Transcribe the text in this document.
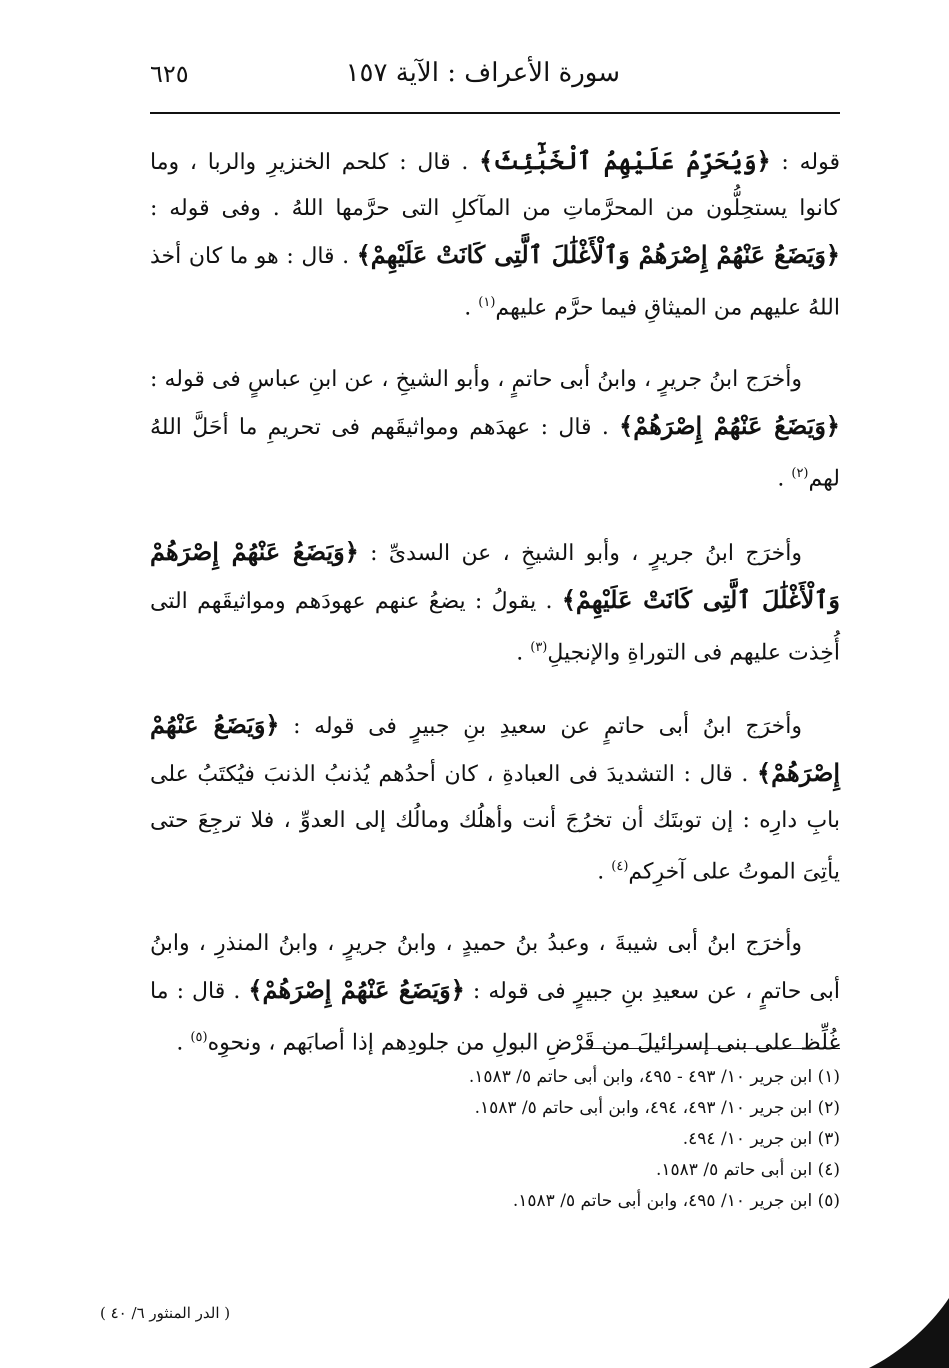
سورة الأعراف : الآية ١٥٧
٦٢٥

قوله : ﴿وَيُحَرِّمُ عَلَيْهِمُ ٱلْخَبَٰٓئِثَ﴾ . قال : كلحم الخنزيرِ والربا ، وما كانوا يستحِلُّون من المحرَّماتِ من المآكلِ التى حرَّمها اللهُ . وفى قوله : ﴿وَيَضَعُ عَنْهُمْ إِصْرَهُمْ وَٱلْأَغْلَٰلَ ٱلَّتِى كَانَتْ عَلَيْهِمْ﴾ . قال : هو ما كان أخذ اللهُ عليهم من الميثاقِ فيما حرَّم عليهم$^{(١)}$ .

وأخرَج ابنُ جريرٍ ، وابنُ أبى حاتمٍ ، وأبو الشيخِ ، عن ابنِ عباسٍ فى قوله : ﴿وَيَضَعُ عَنْهُمْ إِصْرَهُمْ﴾ . قال : عهدَهم ومواثيقَهم فى تحريمِ ما أحَلَّ اللهُ لهم$^{(٢)}$ .

وأخرَج ابنُ جريرٍ ، وأبو الشيخِ ، عن السدىِّ : ﴿وَيَضَعُ عَنْهُمْ إِصْرَهُمْ وَٱلْأَغْلَٰلَ ٱلَّتِى كَانَتْ عَلَيْهِمْ﴾ . يقولُ : يضعُ عنهم عهودَهم ومواثيقَهم التى أُخِذت عليهم فى التوراةِ والإنجيلِ$^{(٣)}$ .

وأخرَج ابنُ أبى حاتمٍ عن سعيدِ بنِ جبيرٍ فى قوله : ﴿وَيَضَعُ عَنْهُمْ إِصْرَهُمْ﴾ . قال : التشديدَ فى العبادةِ ، كان أحدُهم يُذنبُ الذنبَ فيُكتَبُ على بابِ دارِه : إن توبتَك أن تخرُجَ أنت وأهلُك ومالُك إلى العدوِّ ، فلا ترجِعَ حتى يأتِىَ الموتُ على آخرِكم$^{(٤)}$ .

وأخرَج ابنُ أبى شيبةَ ، وعبدُ بنُ حميدٍ ، وابنُ جريرٍ ، وابنُ المنذرِ ، وابنُ أبى حاتمٍ ، عن سعيدِ بنِ جبيرٍ فى قوله : ﴿وَيَضَعُ عَنْهُمْ إِصْرَهُمْ﴾ . قال : ما غُلِّظ على بنى إسرائيلَ من قَرْضِ البولِ من جلودِهم إذا أصابَهم ، ونحوِه$^{(٥)}$ .

(١) ابن جرير ١٠/ ٤٩٣ - ٤٩٥، وابن أبى حاتم ٥/ ١٥٨٣.
(٢) ابن جرير ١٠/ ٤٩٣، ٤٩٤، وابن أبى حاتم ٥/ ١٥٨٣.
(٣) ابن جرير ١٠/ ٤٩٤.
(٤) ابن أبى حاتم ٥/ ١٥٨٣.
(٥) ابن جرير ١٠/ ٤٩٥، وابن أبى حاتم ٥/ ١٥٨٣.
( الدر المنثور ٦/ ٤٠ )
